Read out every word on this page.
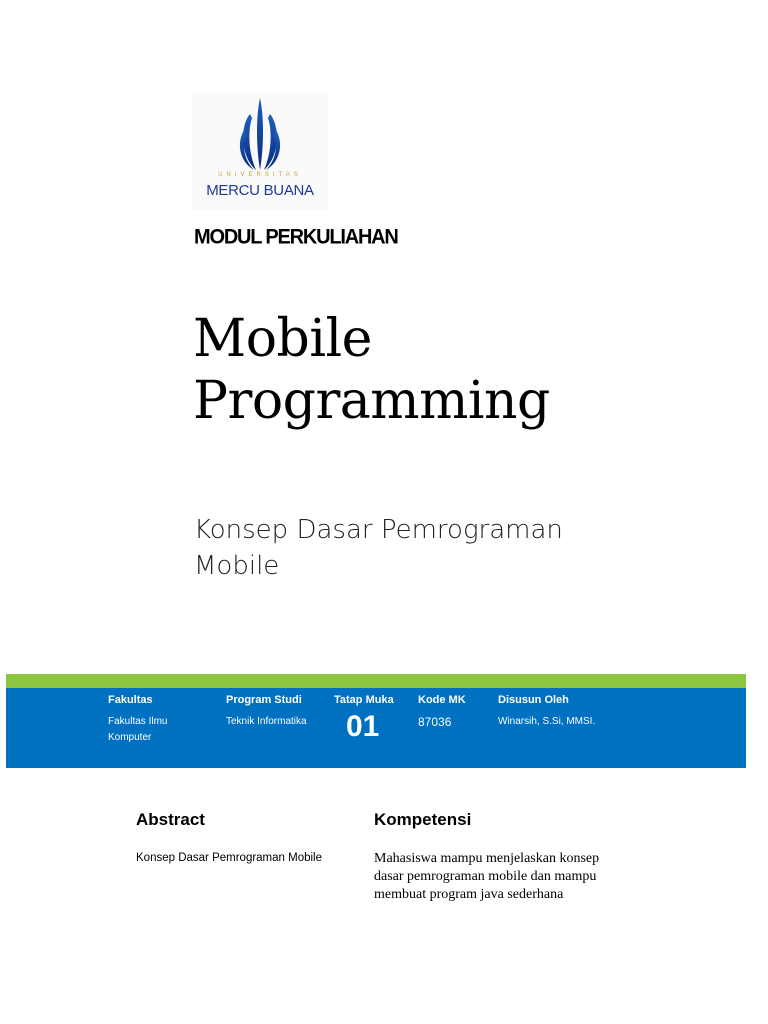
UNIVERSITAS
MERCU BUANA
MODUL PERKULIAHAN
Mobile
Programming
Konsep Dasar Pemrograman
Mobile
Fakultas
Fakultas Ilmu
Komputer
Program Studi
Teknik Informatika
Tatap Muka
01
Kode MK
87036
Disusun Oleh
Winarsih, S.Si, MMSI.
Abstract
Konsep Dasar Pemrograman Mobile
Kompetensi
Mahasiswa mampu menjelaskan konsep dasar pemrograman mobile dan mampu membuat program java sederhana
